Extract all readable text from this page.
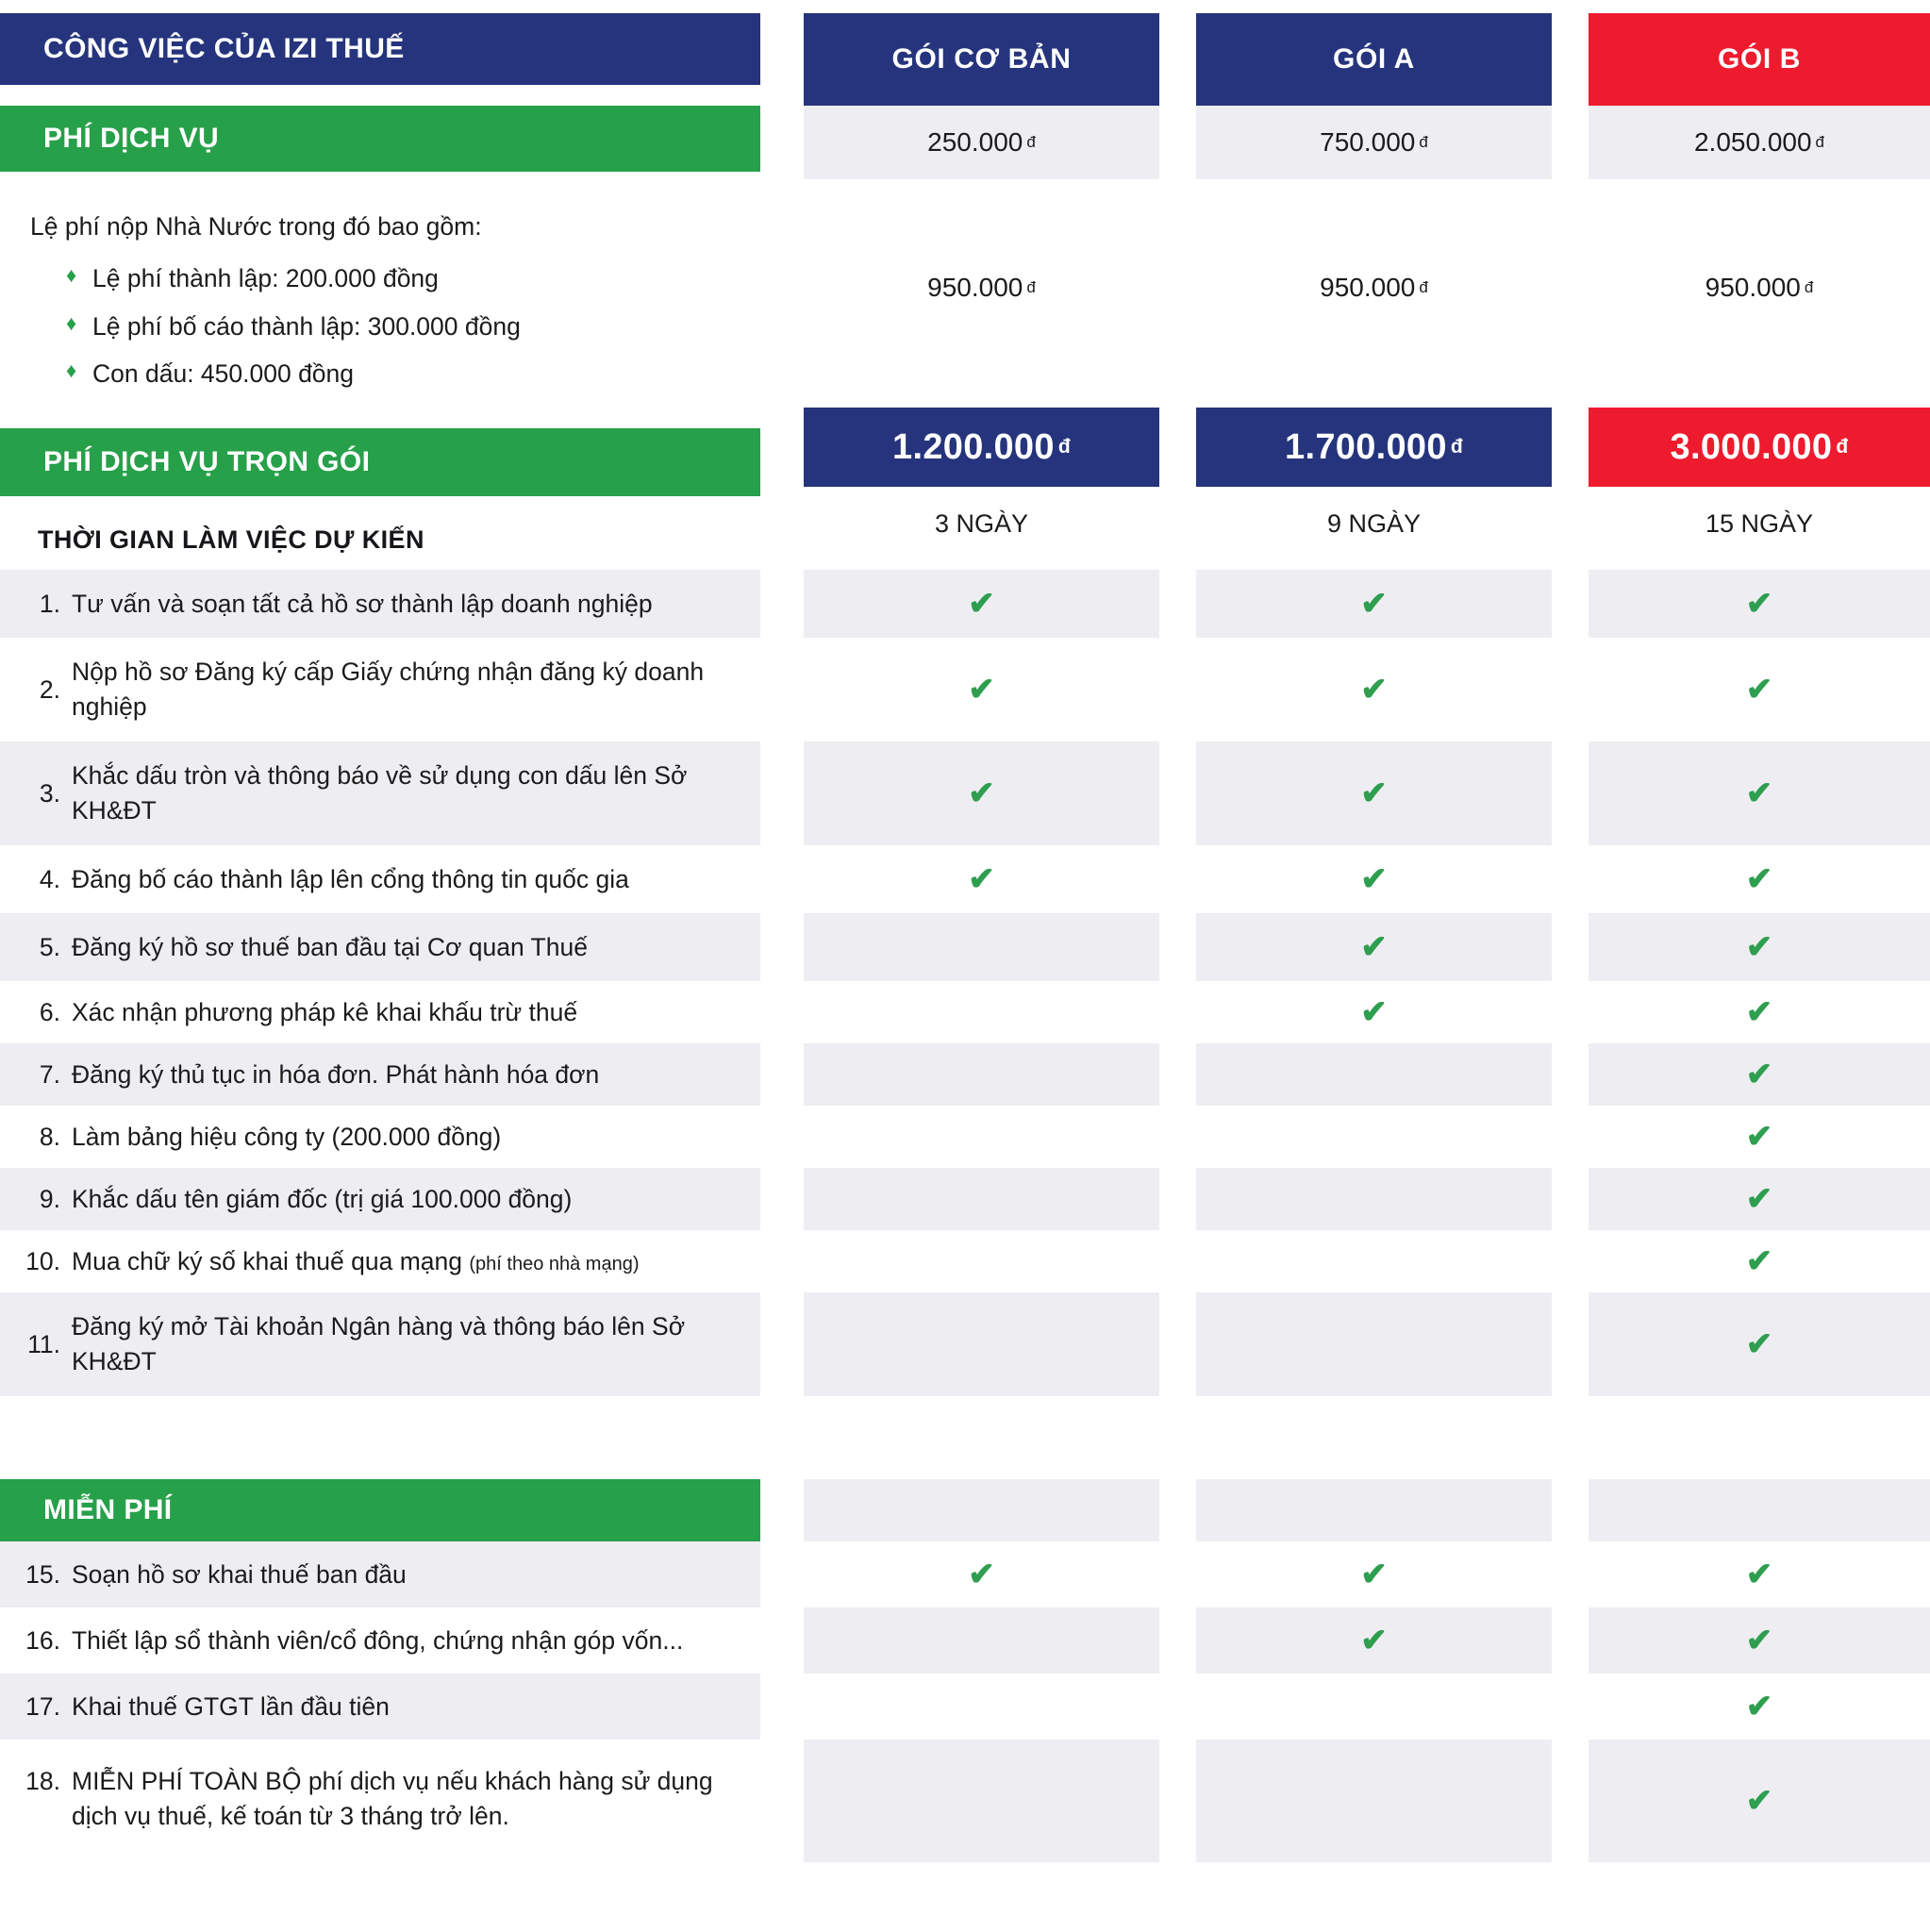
CÔNG VIỆC CỦA IZI THUẾ
PHÍ DỊCH VỤ

Lệ phí nộp Nhà Nước trong đó bao gồm:

♦ Lệ phí thành lập: 200.000 đồng
♦ Lệ phí bố cáo thành lập: 300.000 đồng
♦ Con dấu: 450.000 đồng
PHÍ DỊCH VỤ TRỌN GÓI
THỜI GIAN LÀM VIỆC DỰ KIẾN
1. Tư vấn và soạn tất cả hồ sơ thành lập doanh nghiệp
2.
Nộp hồ sơ Đăng ký cấp Giấy chứng nhận đăng ký doanh nghiệp
3.
Khắc dấu tròn và thông báo về sử dụng con dấu lên Sở KH&ĐT
4. Đăng bố cáo thành lập lên cổng thông tin quốc gia
5. Đăng ký hồ sơ thuế ban đầu tại Cơ quan Thuế
6. Xác nhận phương pháp kê khai khấu trừ thuế
7. Đăng ký thủ tục in hóa đơn. Phát hành hóa đơn
8. Làm bảng hiệu công ty (200.000 đồng)
9. Khắc dấu tên giám đốc (trị giá 100.000 đồng)
10. Mua chữ ký số khai thuế qua mạng (phí theo nhà mạng)
11.
Đăng ký mở Tài khoản Ngân hàng và thông báo lên Sở KH&ĐT
MIỄN PHÍ
15. Soạn hồ sơ khai thuế ban đầu
16. Thiết lập sổ thành viên/cổ đông, chứng nhận góp vốn...
17. Khai thuế GTGT lần đầu tiên
18. MIỄN PHÍ TOÀN BỘ phí dịch vụ nếu khách hàng sử dụng dịch vụ thuế, kế toán từ 3 tháng trở lên.
GÓI CƠ BẢN
250.000 đ
950.000 đ
1.200.000 đ
3 NGÀY
✔
✔
✔
✔
✔
GÓI A
750.000 đ
950.000 đ
1.700.000 đ
9 NGÀY
✔
✔
✔
✔
✔
✔
✔
✔
GÓI B
2.050.000 đ
950.000 đ
3.000.000 đ
15 NGÀY
✔
✔
✔
✔
✔
✔
✔
✔
✔
✔
✔
✔
✔
✔
✔
